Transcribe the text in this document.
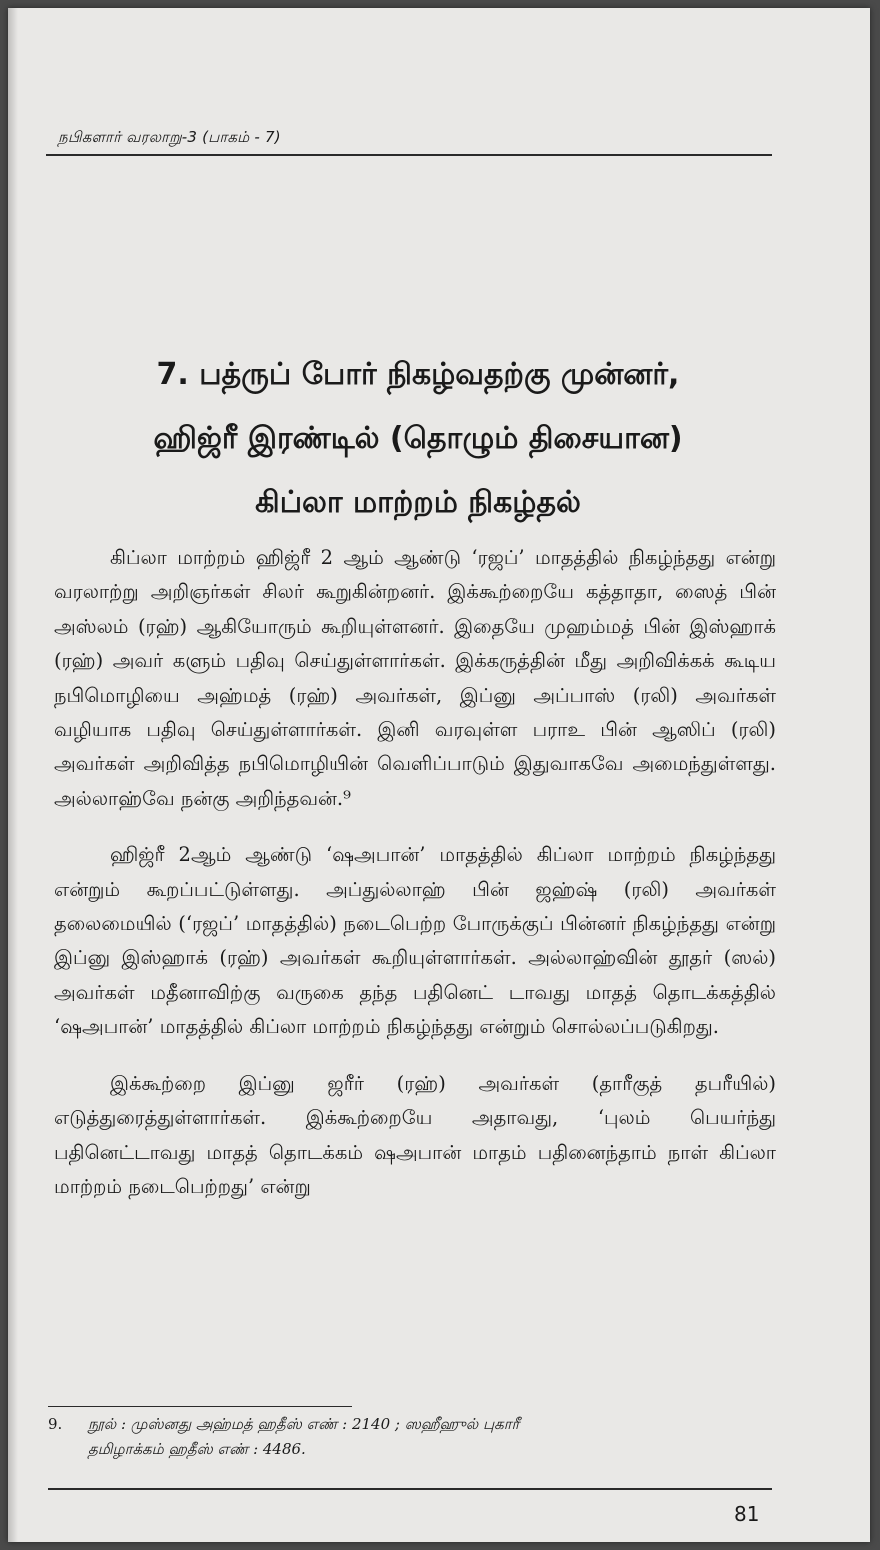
நபிகளார் வரலாறு-3 (பாகம் - 7)
7. பத்ருப் போர் நிகழ்வதற்கு முன்னர்,
ஹிஜ்ரீ இரண்டில் (தொழும் திசையான)
கிப்லா மாற்றம் நிகழ்தல்

கிப்லா மாற்றம் ஹிஜ்ரீ 2 ஆம் ஆண்டு ‘ரஜப்’ மாதத்தில் நிகழ்ந்தது என்று வரலாற்று அறிஞர்கள் சிலர் கூறுகின்றனர். இக்கூற்றையே கத்தாதா, ஸைத் பின் அஸ்லம் (ரஹ்) ஆகியோரும் கூறியுள்ளனர். இதையே முஹம்மத் பின் இஸ்ஹாக் (ரஹ்) அவர் களும் பதிவு செய்துள்ளார்கள். இக்கருத்தின் மீது அறிவிக்கக் கூடிய நபிமொழியை அஹ்மத் (ரஹ்) அவர்கள், இப்னு அப்பாஸ் (ரலி) அவர்கள் வழியாக பதிவு செய்துள்ளார்கள். இனி வரவுள்ள பராஉ பின் ஆஸிப் (ரலி) அவர்கள் அறிவித்த நபிமொழியின் வெளிப்பாடும் இதுவாகவே அமைந்துள்ளது. அல்லாஹ்வே நன்கு அறிந்தவன்.⁹

ஹிஜ்ரீ 2ஆம் ஆண்டு ‘ஷஅபான்’ மாதத்தில் கிப்லா மாற்றம் நிகழ்ந்தது என்றும் கூறப்பட்டுள்ளது. அப்துல்லாஹ் பின் ஜஹ்ஷ் (ரலி) அவர்கள் தலைமையில் (‘ரஜப்’ மாதத்தில்) நடைபெற்ற போருக்குப் பின்னர் நிகழ்ந்தது என்று இப்னு இஸ்ஹாக் (ரஹ்) அவர்கள் கூறியுள்ளார்கள். அல்லாஹ்வின் தூதர் (ஸல்) அவர்கள் மதீனாவிற்கு வருகை தந்த பதினெட் டாவது மாதத் தொடக்கத்தில் ‘ஷஅபான்’ மாதத்தில் கிப்லா மாற்றம் நிகழ்ந்தது என்றும் சொல்லப்படுகிறது.

இக்கூற்றை இப்னு ஜரீர் (ரஹ்) அவர்கள் (தாரீகுத் தபரீயில்) எடுத்துரைத்துள்ளார்கள். இக்கூற்றையே அதாவது, ‘புலம் பெயர்ந்து பதினெட்டாவது மாதத் தொடக்கம் ஷஅபான் மாதம் பதினைந்தாம் நாள் கிப்லா மாற்றம் நடைபெற்றது’ என்று

9. நூல் : முஸ்னது அஹ்மத் ஹதீஸ் எண் : 2140 ; ஸஹீஹுல் புகாரீ
தமிழாக்கம் ஹதீஸ் எண் : 4486.
81
